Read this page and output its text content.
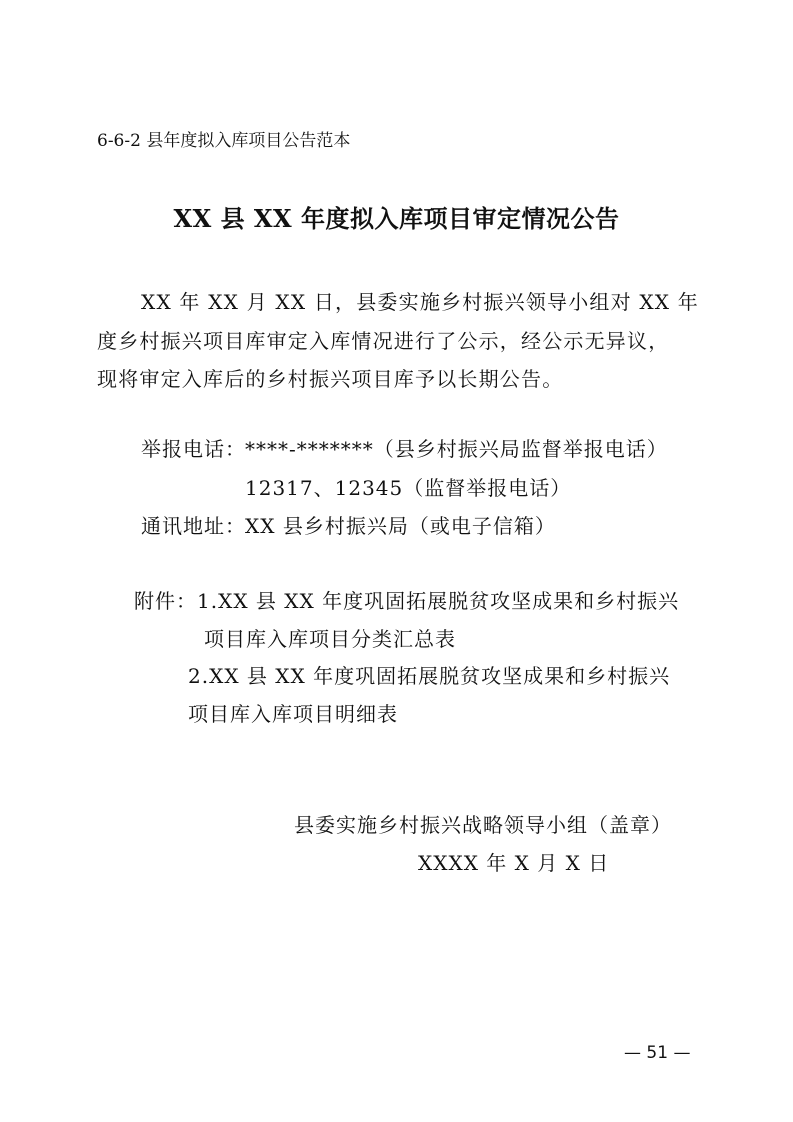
6-6-2 县年度拟入库项目公告范本
XX 县 XX 年度拟入库项目审定情况公告
XX 年 XX 月 XX 日，县委实施乡村振兴领导小组对 XX 年
度乡村振兴项目库审定入库情况进行了公示，经公示无异议，
现将审定入库后的乡村振兴项目库予以长期公告。
举报电话： ****-*******（县乡村振兴局监督举报电话）
12317、12345（监督举报电话）
通讯地址： XX 县乡村振兴局（或电子信箱）
附件： 1.XX 县 XX 年度巩固拓展脱贫攻坚成果和乡村振兴
项目库入库项目分类汇总表
2.XX 县 XX 年度巩固拓展脱贫攻坚成果和乡村振兴
项目库入库项目明细表
县委实施乡村振兴战略领导小组（盖章）
XXXX 年 X 月 X 日
— 51 —
